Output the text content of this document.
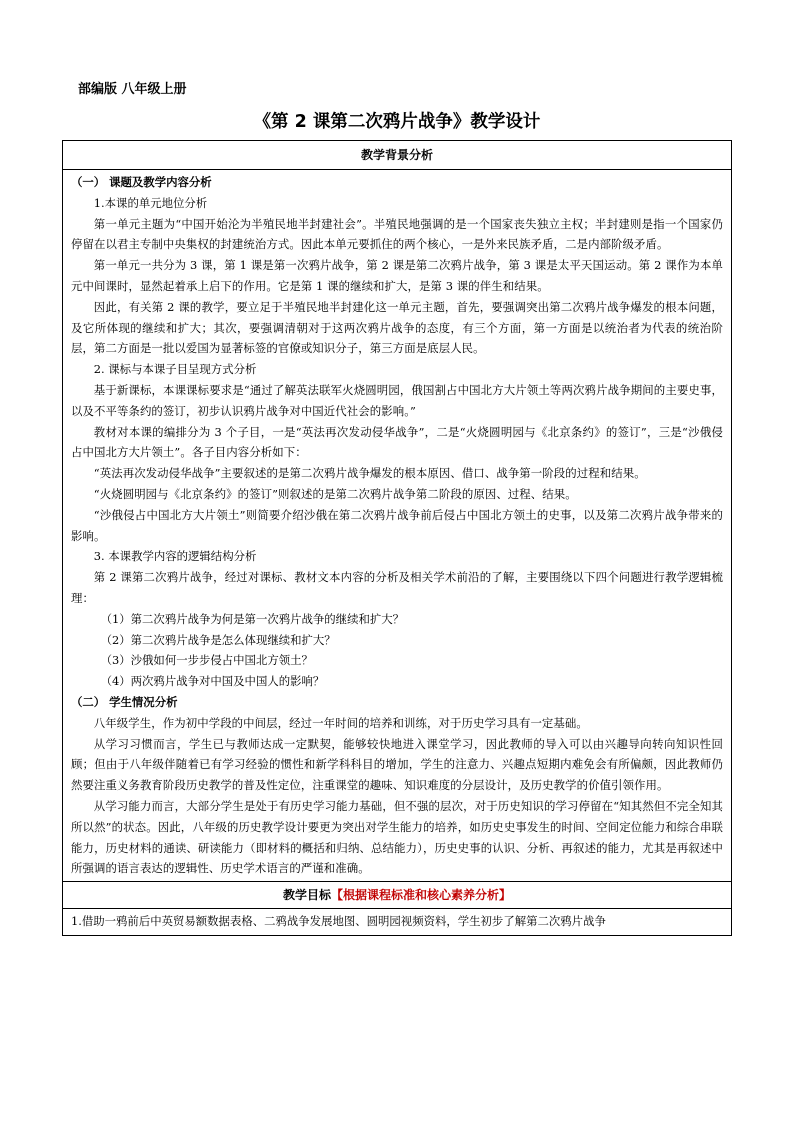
部编版 八年级上册
《第 2 课第二次鸦片战争》教学设计
教学背景分析

（一） 课题及教学内容分析

1.本课的单元地位分析

第一单元主题为“中国开始沦为半殖民地半封建社会”。半殖民地强调的是一个国家丧失独立主权；半封建则是指一个国家仍停留在以君主专制中央集权的封建统治方式。因此本单元要抓住的两个核心，一是外来民族矛盾，二是内部阶级矛盾。

第一单元一共分为 3 课，第 1 课是第一次鸦片战争，第 2 课是第二次鸦片战争，第 3 课是太平天国运动。第 2 课作为本单元中间课时，显然起着承上启下的作用。它是第 1 课的继续和扩大，是第 3 课的伴生和结果。

因此，有关第 2 课的教学，要立足于半殖民地半封建化这一单元主题，首先，要强调突出第二次鸦片战争爆发的根本问题，及它所体现的继续和扩大；其次，要强调清朝对于这两次鸦片战争的态度，有三个方面，第一方面是以统治者为代表的统治阶层，第二方面是一批以爱国为显著标签的官僚或知识分子，第三方面是底层人民。

2. 课标与本课子目呈现方式分析

基于新课标，本课课标要求是“通过了解英法联军火烧圆明园，俄国割占中国北方大片领土等两次鸦片战争期间的主要史事，以及不平等条约的签订，初步认识鸦片战争对中国近代社会的影响。”

教材对本课的编排分为 3 个子目，一是“英法再次发动侵华战争”，二是“火烧圆明园与《北京条约》的签订”，三是“沙俄侵占中国北方大片领土”。各子目内容分析如下：

“英法再次发动侵华战争”主要叙述的是第二次鸦片战争爆发的根本原因、借口、战争第一阶段的过程和结果。

“火烧圆明园与《北京条约》的签订”则叙述的是第二次鸦片战争第二阶段的原因、过程、结果。

“沙俄侵占中国北方大片领土”则简要介绍沙俄在第二次鸦片战争前后侵占中国北方领土的史事，以及第二次鸦片战争带来的影响。

3. 本课教学内容的逻辑结构分析

第 2 课第二次鸦片战争，经过对课标、教材文本内容的分析及相关学术前沿的了解，主要围绕以下四个问题进行教学逻辑梳理：

（1）第二次鸦片战争为何是第一次鸦片战争的继续和扩大？

（2）第二次鸦片战争是怎么体现继续和扩大？

（3）沙俄如何一步步侵占中国北方领土？

（4）两次鸦片战争对中国及中国人的影响？

（二） 学生情况分析

八年级学生，作为初中学段的中间层，经过一年时间的培养和训练，对于历史学习具有一定基础。

从学习习惯而言，学生已与教师达成一定默契，能够较快地进入课堂学习，因此教师的导入可以由兴趣导向转向知识性回顾；但由于八年级伴随着已有学习经验的惯性和新学科科目的增加，学生的注意力、兴趣点短期内难免会有所偏颇，因此教师仍然要注重义务教育阶段历史教学的普及性定位，注重课堂的趣味、知识难度的分层设计，及历史教学的价值引领作用。

从学习能力而言，大部分学生是处于有历史学习能力基础，但不强的层次，对于历史知识的学习停留在“知其然但不完全知其所以然”的状态。因此，八年级的历史教学设计要更为突出对学生能力的培养，如历史史事发生的时间、空间定位能力和综合串联能力，历史材料的通读、研读能力（即材料的概括和归纳、总结能力），历史史事的认识、分析、再叙述的能力，尤其是再叙述中所强调的语言表达的逻辑性、历史学术语言的严谨和准确。

教学目标【根据课程标准和核心素养分析】

1.借助一鸦前后中英贸易额数据表格、二鸦战争发展地图、圆明园视频资料，学生初步了解第二次鸦片战争
